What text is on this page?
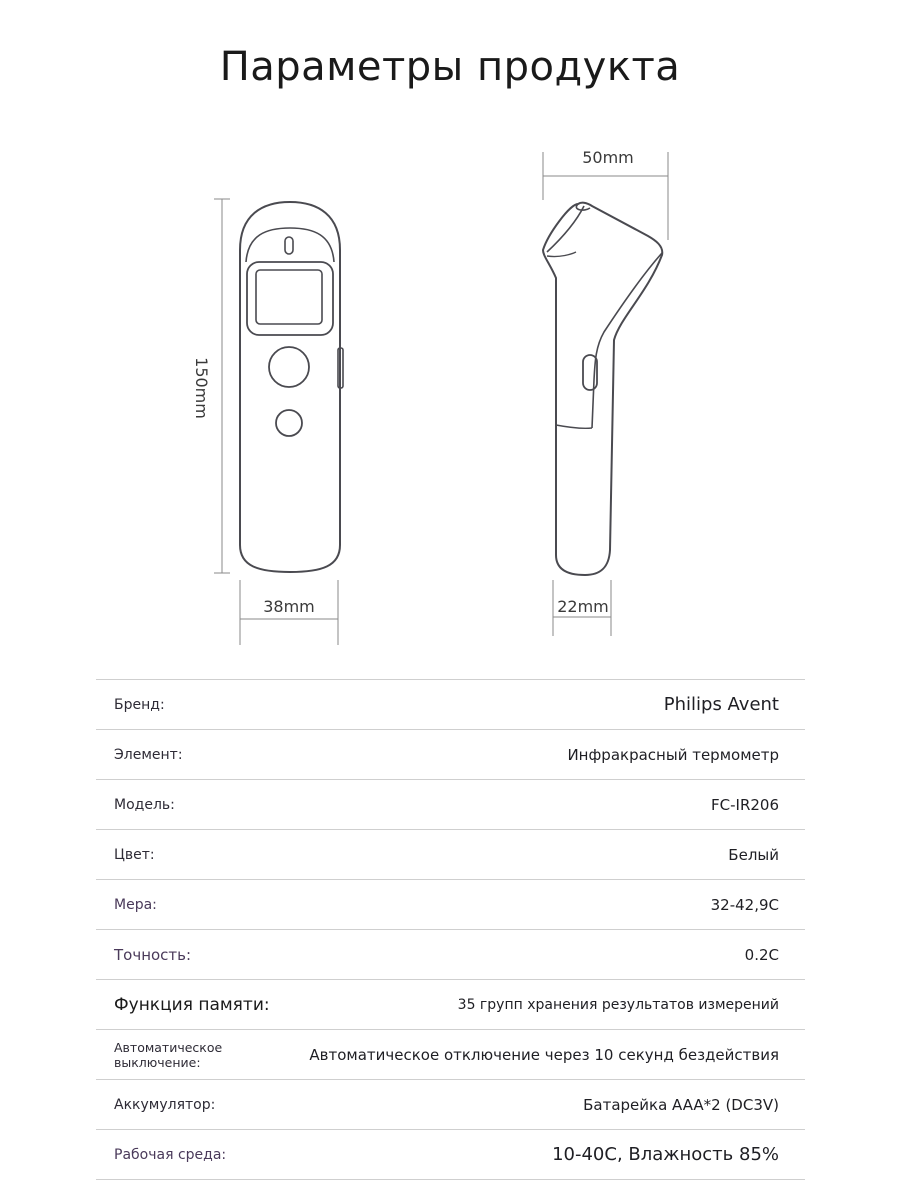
Параметры продукта
150mm
38mm
50mm
22mm
Бренд:	Philips Avent
Элемент:	Инфракрасный термометр
Модель:	FC-IR206
Цвет:	Белый
Мера:	32-42,9C
Точность:	0.2C
Функция памяти:	35 групп хранения результатов измерений
Автоматическое выключение:	Автоматическое отключение через 10 секунд бездействия
Аккумулятор:	Батарейка AAA*2 (DC3V)
Рабочая среда:	10-40C, Влажность 85%
